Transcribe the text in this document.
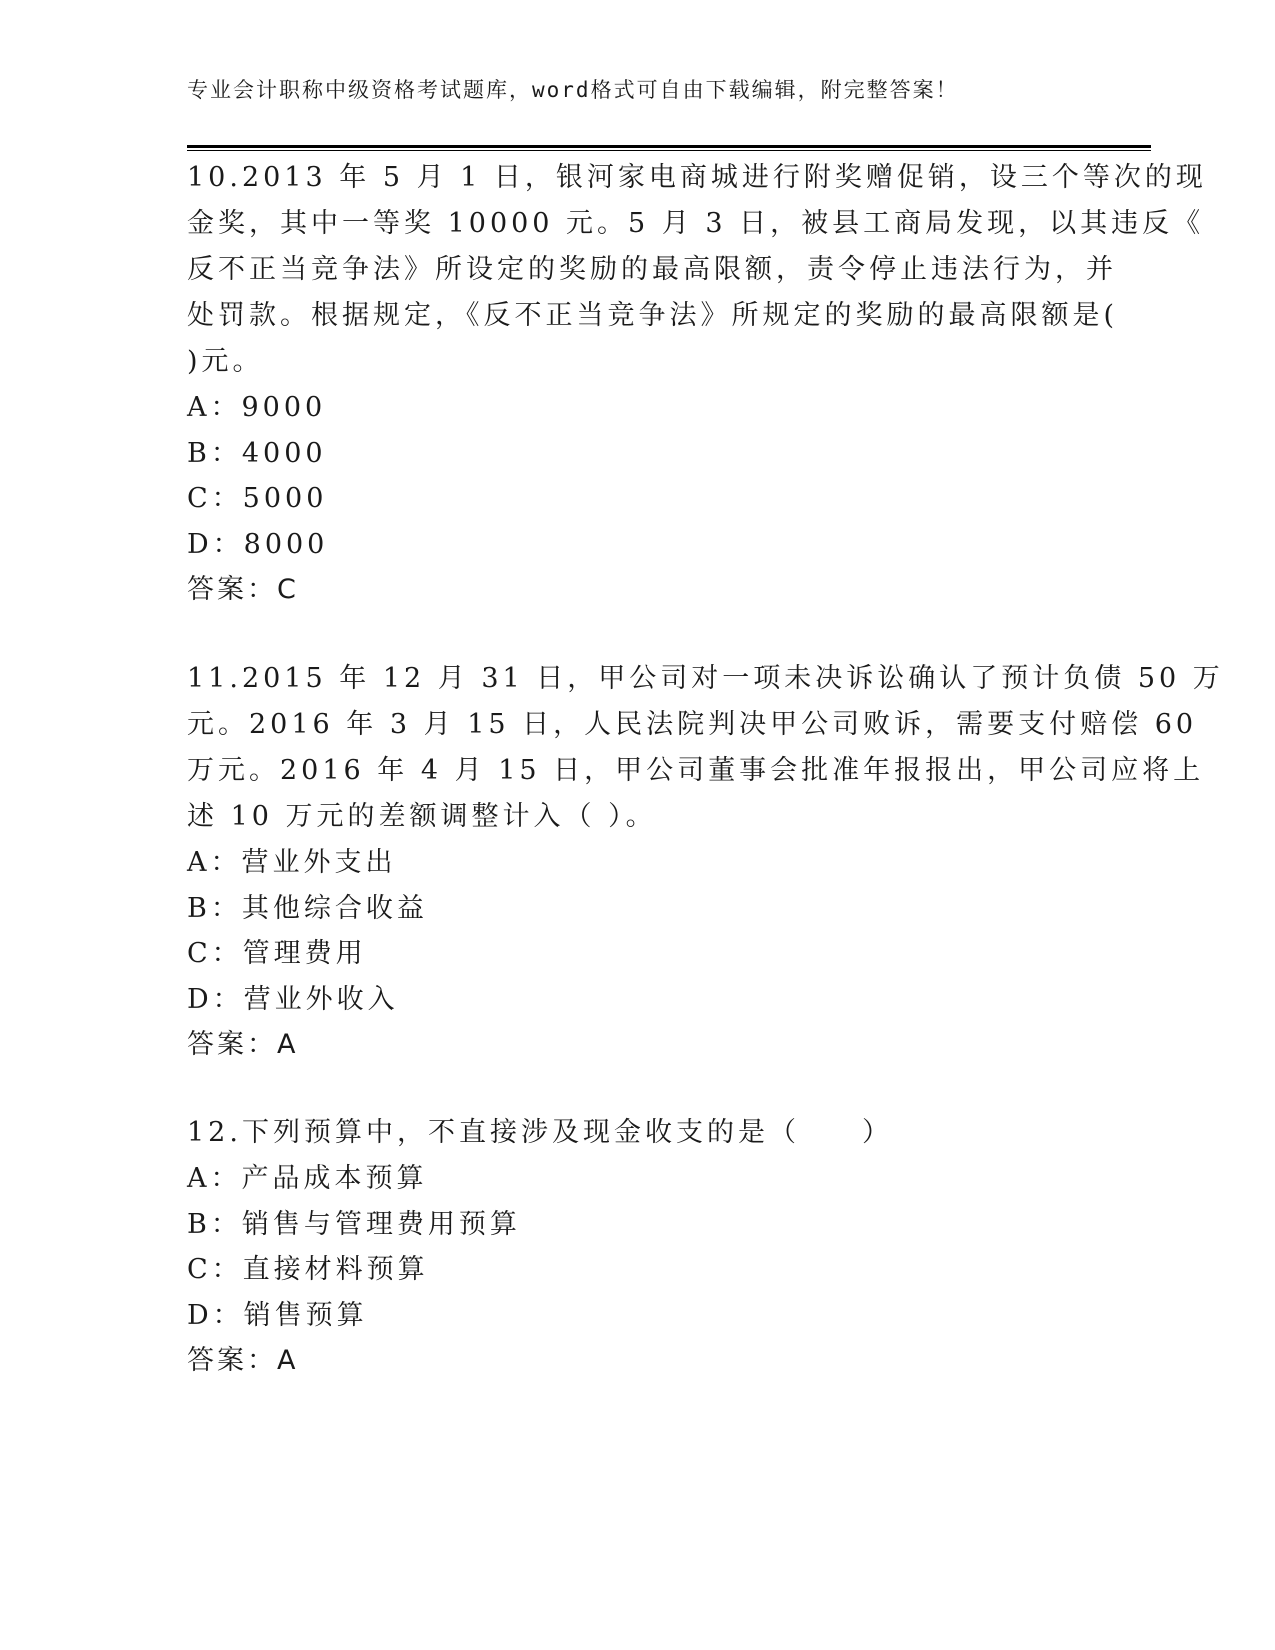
专业会计职称中级资格考试题库，word格式可自由下载编辑，附完整答案！

10.2013 年 5 月 1 日，银河家电商城进行附奖赠促销，设三个等次的现
金奖，其中一等奖 10000 元。5 月 3 日，被县工商局发现，以其违反《
反不正当竞争法》所设定的奖励的最高限额，责令停止违法行为，并
处罚款。根据规定，《反不正当竞争法》所规定的奖励的最高限额是(
)元。

A：9000
B：4000
C：5000
D：8000
答案：C

11.2015 年 12 月 31 日，甲公司对一项未决诉讼确认了预计负债 50 万
元。2016 年 3 月 15 日，人民法院判决甲公司败诉，需要支付赔偿 60
万元。2016 年 4 月 15 日，甲公司董事会批准年报报出，甲公司应将上
述 10 万元的差额调整计入（ ）。

A：营业外支出
B：其他综合收益
C：管理费用
D：营业外收入
答案：A

12.下列预算中，不直接涉及现金收支的是（　　）

A：产品成本预算
B：销售与管理费用预算
C：直接材料预算
D：销售预算
答案：A
